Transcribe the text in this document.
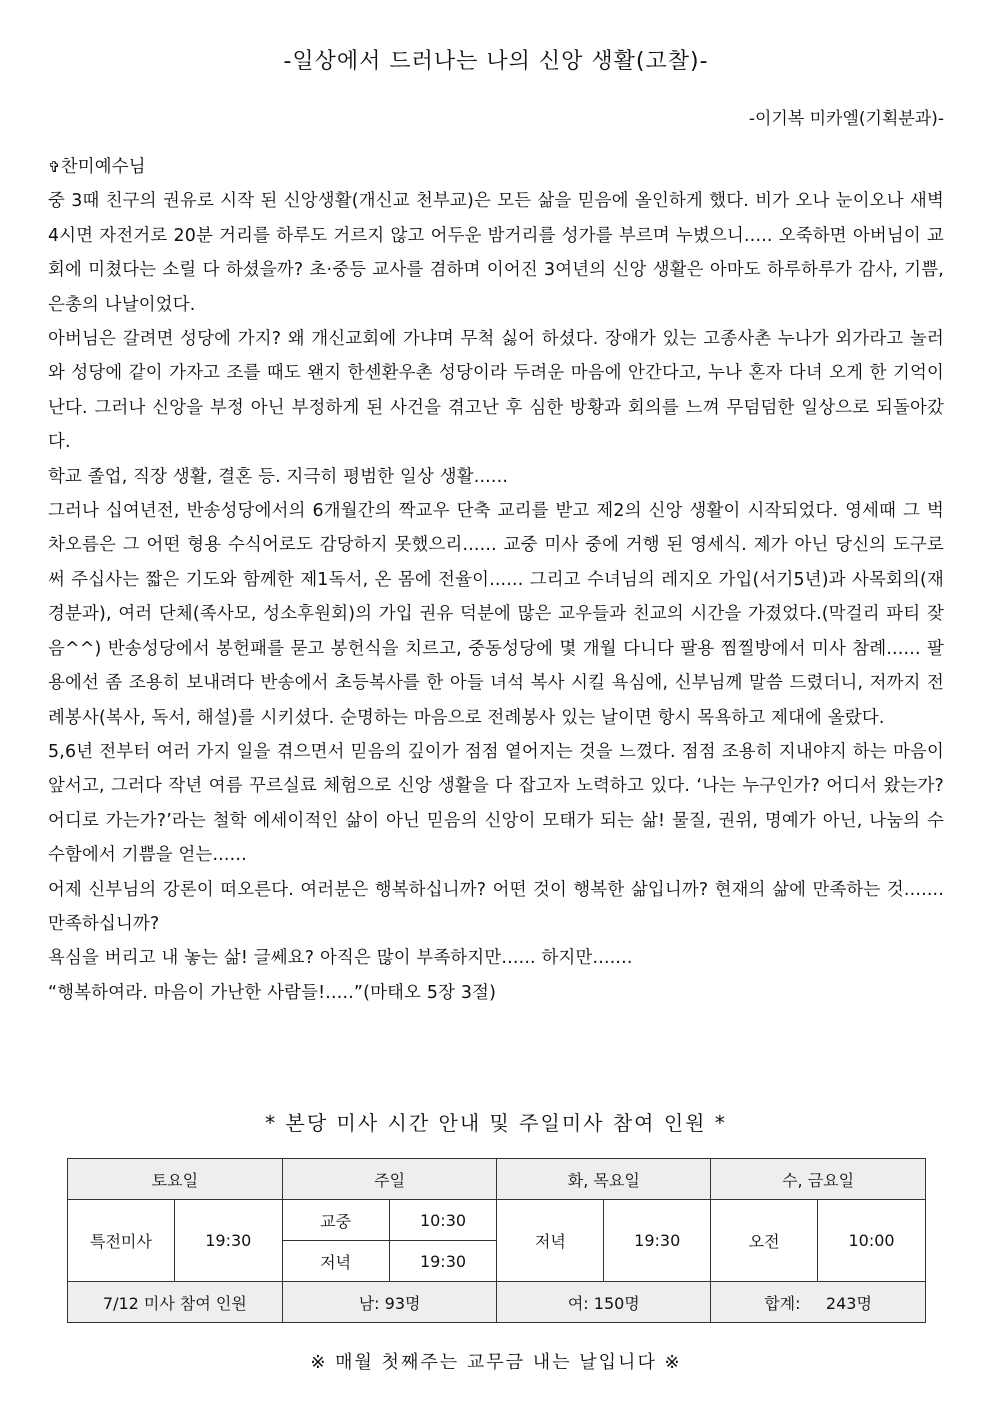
-일상에서 드러나는 나의 신앙 생활(고찰)-
-이기복 미카엘(기획분과)-

✞찬미예수님

중 3때 친구의 권유로 시작 된 신앙생활(개신교 천부교)은 모든 삶을 믿음에 올인하게 했다. 비가 오나 눈이오나 새벽 4시면 자전거로 20분 거리를 하루도 거르지 않고 어두운 밤거리를 성가를 부르며 누볐으니..... 오죽하면 아버님이 교회에 미쳤다는 소릴 다 하셨을까? 초·중등 교사를 겸하며 이어진 3여년의 신앙 생활은 아마도 하루하루가 감사, 기쁨, 은총의 나날이었다.

아버님은 갈려면 성당에 가지? 왜 개신교회에 가냐며 무척 싫어 하셨다. 장애가 있는 고종사촌 누나가 외가라고 놀러와 성당에 같이 가자고 조를 때도 왠지 한센환우촌 성당이라 두려운 마음에 안간다고, 누나 혼자 다녀 오게 한 기억이 난다. 그러나 신앙을 부정 아닌 부정하게 된 사건을 겪고난 후 심한 방황과 회의를 느껴 무덤덤한 일상으로 되돌아갔다.

학교 졸업, 직장 생활, 결혼 등. 지극히 평범한 일상 생활......

그러나 십여년전, 반송성당에서의 6개월간의 짝교우 단축 교리를 받고 제2의 신앙 생활이 시작되었다. 영세때 그 벅차오름은 그 어떤 형용 수식어로도 감당하지 못했으리...... 교중 미사 중에 거행 된 영세식. 제가 아닌 당신의 도구로 써 주십사는 짧은 기도와 함께한 제1독서, 온 몸에 전율이...... 그리고 수녀님의 레지오 가입(서기5년)과 사목회의(재경분과), 여러 단체(족사모, 성소후원회)의 가입 권유 덕분에 많은 교우들과 친교의 시간을 가졌었다.(막걸리 파티 잦음^^) 반송성당에서 봉헌패를 묻고 봉헌식을 치르고, 중동성당에 몇 개월 다니다 팔용 찜찔방에서 미사 참례...... 팔용에선 좀 조용히 보내려다 반송에서 초등복사를 한 아들 녀석 복사 시킬 욕심에, 신부님께 말씀 드렸더니, 저까지 전례봉사(복사, 독서, 해설)를 시키셨다. 순명하는 마음으로 전례봉사 있는 날이면 항시 목욕하고 제대에 올랐다.

5,6년 전부터 여러 가지 일을 겪으면서 믿음의 깊이가 점점 옅어지는 것을 느꼈다. 점점 조용히 지내야지 하는 마음이 앞서고, 그러다 작년 여름 꾸르실료 체험으로 신앙 생활을 다 잡고자 노력하고 있다. ‘나는 누구인가? 어디서 왔는가? 어디로 가는가?’라는 철학 에세이적인 삶이 아닌 믿음의 신앙이 모태가 되는 삶! 물질, 권위, 명예가 아닌, 나눔의 수수함에서 기쁨을 얻는......

어제 신부님의 강론이 떠오른다. 여러분은 행복하십니까? 어떤 것이 행복한 삶입니까? 현재의 삶에 만족하는 것....... 만족하십니까?

욕심을 버리고 내 놓는 삶! 글쎄요? 아직은 많이 부족하지만...... 하지만.......

“행복하여라. 마음이 가난한 사람들!.....”(마태오 5장 3절)

* 본당 미사 시간 안내 및 주일미사 참여 인원 *
토요일		주일		화, 목요일		수, 금요일	
특전미사	19:30	교중	10:30	저녁	19:30	오전	10:00
		저녁	19:30				
7/12 미사 참여 인원		남: 93명		여: 150명		합계:     243명	
※ 매월 첫째주는 교무금 내는 날입니다 ※
